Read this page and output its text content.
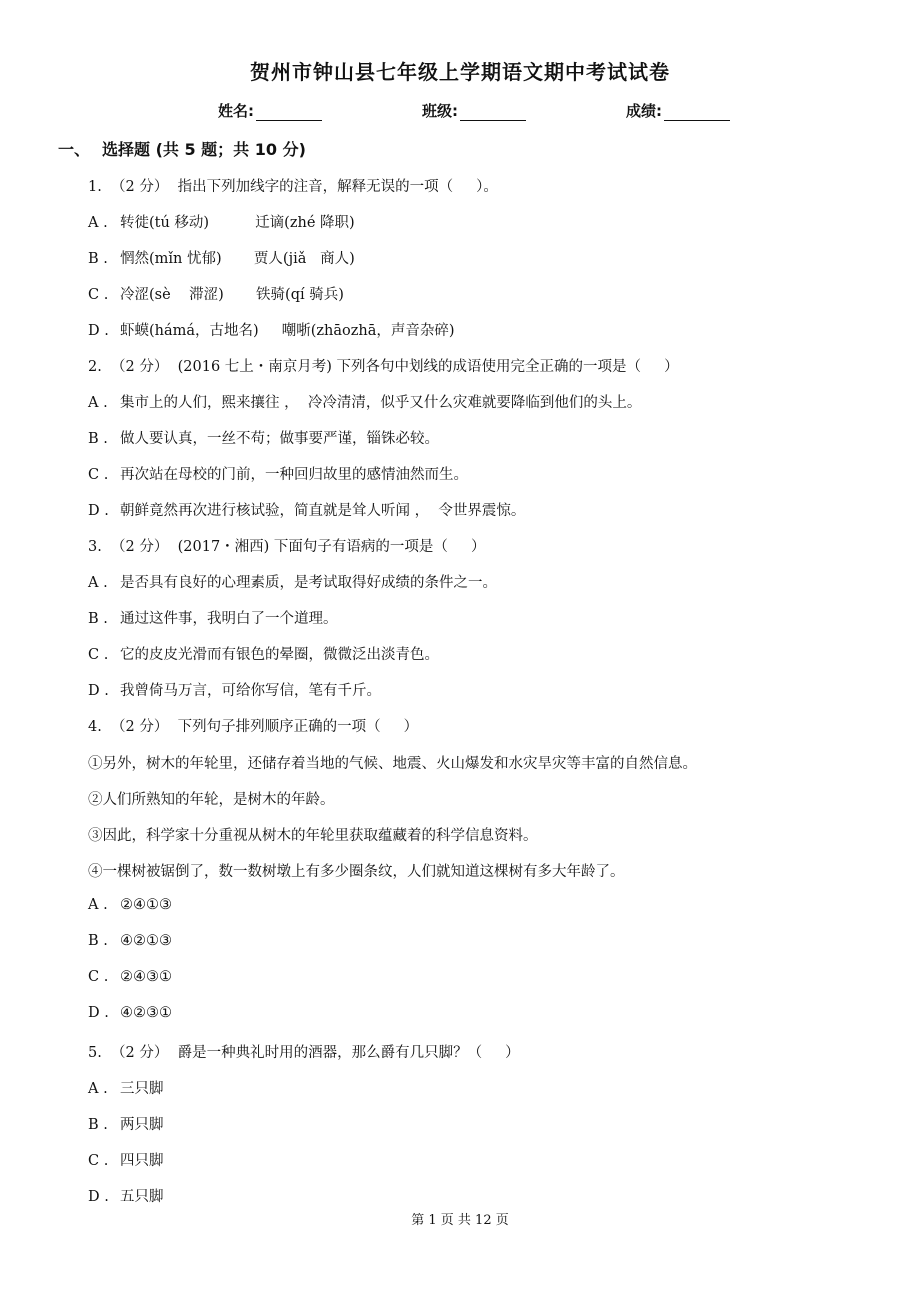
贺州市钟山县七年级上学期语文期中考试试卷
姓名:	班级:	成绩:
一、 选择题 (共 5 题；共 10 分)
1.  （2 分）  指出下列加线字的注音，解释无误的一项（     ）。
A . 转徙(tú 移动)          迁谪(zhé 降职)
B . 惘然(mǐn 忧郁)       贾人(jiǎ   商人)
C . 冷涩(sè    滞涩)       铁骑(qí 骑兵)
D . 虾蟆(hámá，古地名)     嘲哳(zhāozhā，声音杂碎)
2.  （2 分）  (2016 七上・南京月考) 下列各句中划线的成语使用完全正确的一项是（     ）
A . 集市上的人们，熙来攘往 ，  冷冷清清，似乎又什么灾难就要降临到他们的头上。
B . 做人要认真，一丝不苟；做事要严谨，锱铢必较。
C . 再次站在母校的门前，一种回归故里的感情油然而生。
D . 朝鲜竟然再次进行核试验，简直就是耸人听闻 ，  令世界震惊。
3.  （2 分）  (2017・湘西) 下面句子有语病的一项是（     ）
A . 是否具有良好的心理素质，是考试取得好成绩的条件之一。
B . 通过这件事，我明白了一个道理。
C . 它的皮皮光滑而有银色的晕圈，微微泛出淡青色。
D . 我曾倚马万言，可给你写信，笔有千斤。
4.  （2 分）  下列句子排列顺序正确的一项（     ）
①另外，树木的年轮里，还储存着当地的气候、地震、火山爆发和水灾旱灾等丰富的自然信息。
②人们所熟知的年轮，是树木的年龄。
③因此，科学家十分重视从树木的年轮里获取蕴藏着的科学信息资料。
④一棵树被锯倒了，数一数树墩上有多少圈条纹，人们就知道这棵树有多大年龄了。
A . ②④①③
B . ④②①③
C . ②④③①
D . ④②③①
5.  （2 分）  爵是一种典礼时用的酒器，那么爵有几只脚？（     ）
A . 三只脚
B . 两只脚
C . 四只脚
D . 五只脚
第 1 页 共 12 页
